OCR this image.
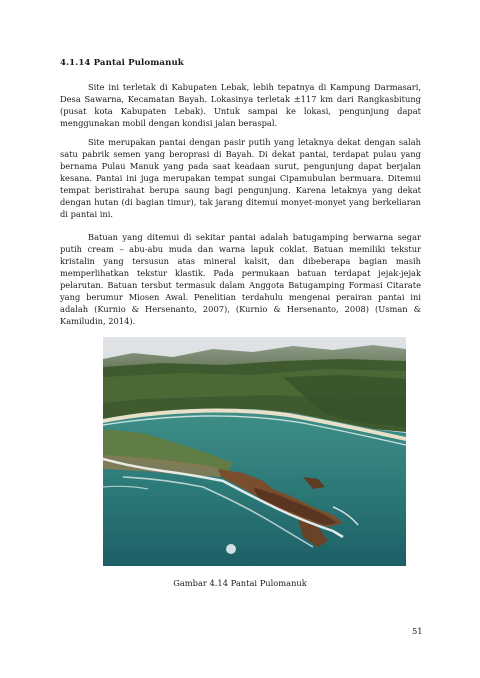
4.1.14 Pantai Pulomanuk

Site ini terletak di Kabupaten Lebak, lebih tepatnya di Kampung Darmasari, Desa Sawarna, Kecamatan Bayah. Lokasinya terletak ±117 km dari Rangkasbitung (pusat kota Kabupaten Lebak). Untuk sampai ke lokasi, pengunjung dapat menggunakan mobil dengan kondisi jalan beraspal.

Site merupakan pantai dengan pasir putih yang letaknya dekat dengan salah satu pabrik semen yang beroprasi di Bayah. Di dekat pantai, terdapat pulau yang bernama Pulau Manuk yang pada saat keadaan surut, pengunjung dapat berjalan kesana. Pantai ini juga merupakan tempat sungai Cipamubulan bermuara. Ditemui tempat beristirahat berupa saung bagi pengunjung. Karena letaknya yang dekat dengan hutan (di bagian timur), tak jarang ditemui monyet-monyet yang berkeliaran di pantai ini.

Batuan yang ditemui di sekitar pantai adalah batugamping berwarna segar putih cream – abu-abu muda dan warna lapuk coklat. Batuan memiliki tekstur kristalin yang tersusun atas mineral kalsit, dan dibeberapa bagian masih memperlihatkan tekstur klastik. Pada permukaan batuan terdapat jejak-jejak pelarutan. Batuan tersbut termasuk dalam Anggota Batugamping Formasi Citarate yang berumur Miosen Awal. Penelitian terdahulu mengenai perairan pantai ini adalah (Kurnio & Hersenanto, 2007), (Kurnio & Hersenanto, 2008) (Usman & Kamiludin, 2014).

Gambar 4.14 Pantai Pulomanuk
51
